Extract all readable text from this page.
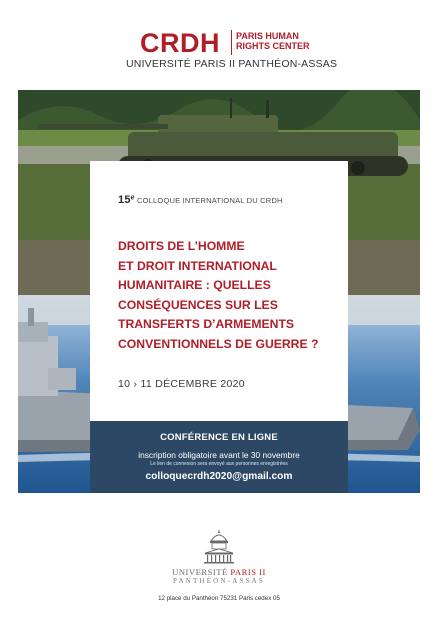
CRDH PARIS HUMAN
RIGHTS CENTER
UNIVERSITÉ PARIS II PANTHÉON-ASSAS
15e COLLOQUE INTERNATIONAL DU CRDH
DROITS DE L’HOMME
ET DROIT INTERNATIONAL
HUMANITAIRE : QUELLES
CONSÉQUENCES SUR LES
TRANSFERTS D’ARMEMENTS
CONVENTIONNELS DE GUERRE ?
10 › 11 DÉCEMBRE 2020
CONFÉRENCE EN LIGNE
inscription obligatoire avant le 30 novembre
Le lien de connexion sera envoyé aux personnes enregistrées
colloquecrdh2020@gmail.com
UNIVERSITÉ PARIS II
PANTHÉON-ASSAS
12 place du Panthéon 75231 Paris cedex 05
